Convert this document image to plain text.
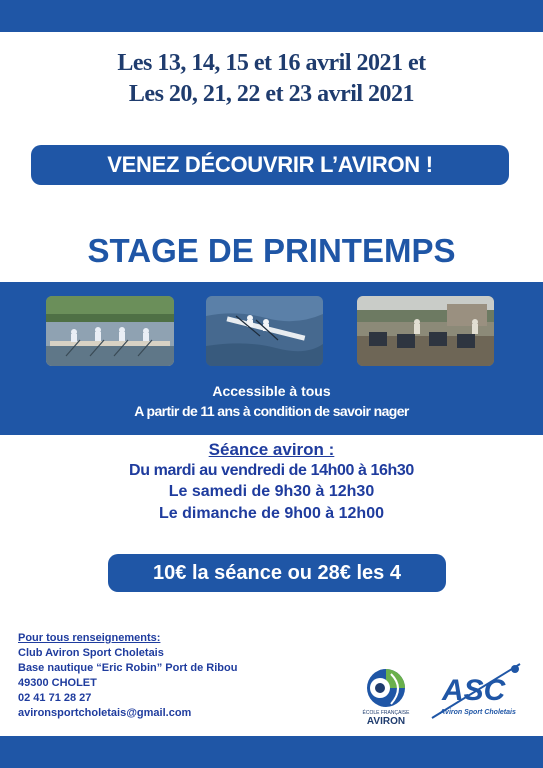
Les 13, 14, 15 et 16 avril 2021 et
Les 20, 21, 22 et 23 avril 2021
VENEZ DÉCOUVRIR L’AVIRON !
STAGE DE PRINTEMPS
Accessible à tous
A partir de 11 ans à condition de savoir nager
Séance aviron :
Du mardi au vendredi de 14h00 à 16h30
Le samedi de 9h30 à 12h30
Le dimanche de 9h00 à 12h00
10€ la séance ou 28€ les 4
Pour tous renseignements:
Club Aviron Sport Choletais
Base nautique “Eric Robin” Port de Ribou
49300 CHOLET
02 41 71 28 27
avironsportcholetais@gmail.com	ÉCOLE FRANÇAISE
AVIRON
ASC
Aviron Sport Choletais
